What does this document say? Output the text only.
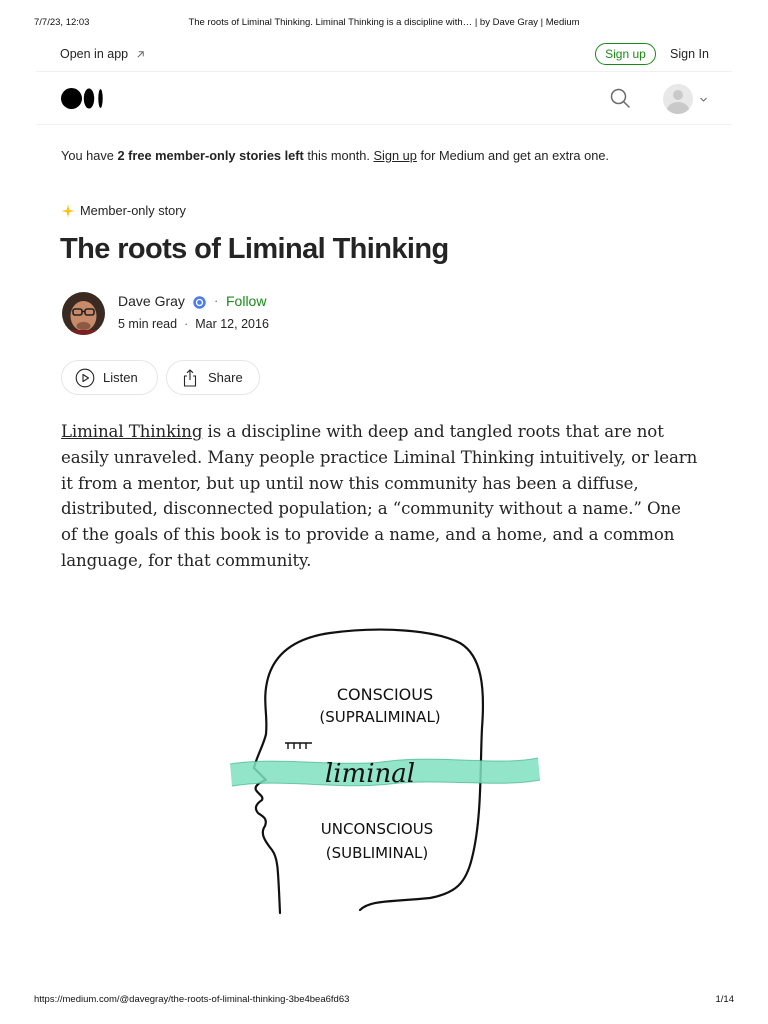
7/7/23, 12:03	The roots of Liminal Thinking. Liminal Thinking is a discipline with… | by Dave Gray | Medium
Open in app	Sign up	Sign In
You have 2 free member-only stories left this month. Sign up for Medium and get an extra one.
Member-only story
The roots of Liminal Thinking
Dave Gray · Follow
5 min read · Mar 12, 2016
Listen	Share

Liminal Thinking is a discipline with deep and tangled roots that are not easily unraveled. Many people practice Liminal Thinking intuitively, or learn it from a mentor, but up until now this community has been a diffuse, distributed, disconnected population; a “community without a name.” One of the goals of this book is to provide a name, and a home, and a common language, for that community.

CONSCIOUS
(SUPRALIMINAL)
liminal
UNCONSCIOUS
(SUBLIMINAL)
https://medium.com/@davegray/the-roots-of-liminal-thinking-3be4bea6fd63	1/14
